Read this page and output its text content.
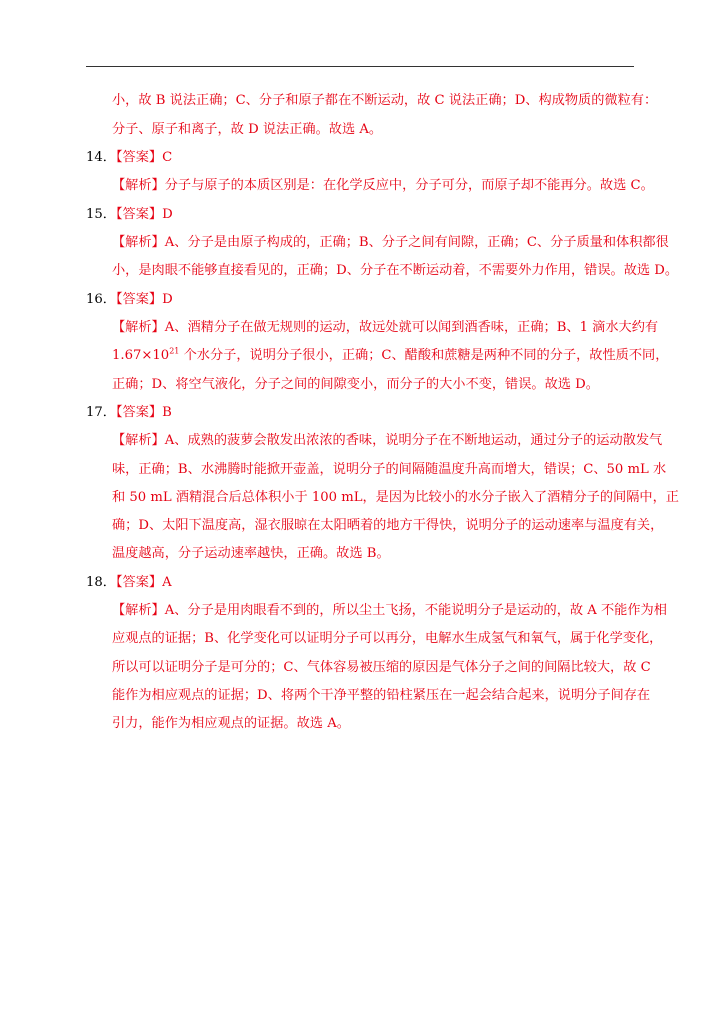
小，故 B 说法正确；C、分子和原子都在不断运动，故 C 说法正确；D、构成物质的微粒有：
分子、原子和离子，故 D 说法正确。故选 A。
14．【答案】C
【解析】分子与原子的本质区别是：在化学反应中，分子可分，而原子却不能再分。故选 C。
15．【答案】D
【解析】A、分子是由原子构成的，正确；B、分子之间有间隙，正确；C、分子质量和体积都很
小，是肉眼不能够直接看见的，正确；D、分子在不断运动着，不需要外力作用，错误。故选 D。
16．【答案】D
【解析】A、酒精分子在做无规则的运动，故远处就可以闻到酒香味，正确；B、1 滴水大约有
$1.67\times 10^{21}$ 个水分子，说明分子很小，正确；C、醋酸和蔗糖是两种不同的分子，故性质不同，
正确；D、将空气液化，分子之间的间隙变小，而分子的大小不变，错误。故选 D。
17．【答案】B
【解析】A、成熟的菠萝会散发出浓浓的香味，说明分子在不断地运动，通过分子的运动散发气
味，正确；B、水沸腾时能掀开壶盖，说明分子的间隔随温度升高而增大，错误；C、50 mL 水
和 50 mL 酒精混合后总体积小于 100 mL，是因为比较小的水分子嵌入了酒精分子的间隔中，正
确；D、太阳下温度高，湿衣服晾在太阳晒着的地方干得快，说明分子的运动速率与温度有关，
温度越高，分子运动速率越快，正确。故选 B。
18．【答案】A
【解析】A、分子是用肉眼看不到的，所以尘土飞扬，不能说明分子是运动的，故 A 不能作为相
应观点的证据；B、化学变化可以证明分子可以再分，电解水生成氢气和氧气，属于化学变化，
所以可以证明分子是可分的；C、气体容易被压缩的原因是气体分子之间的间隔比较大，故 C
能作为相应观点的证据；D、将两个干净平整的铅柱紧压在一起会结合起来，说明分子间存在
引力，能作为相应观点的证据。故选 A。
